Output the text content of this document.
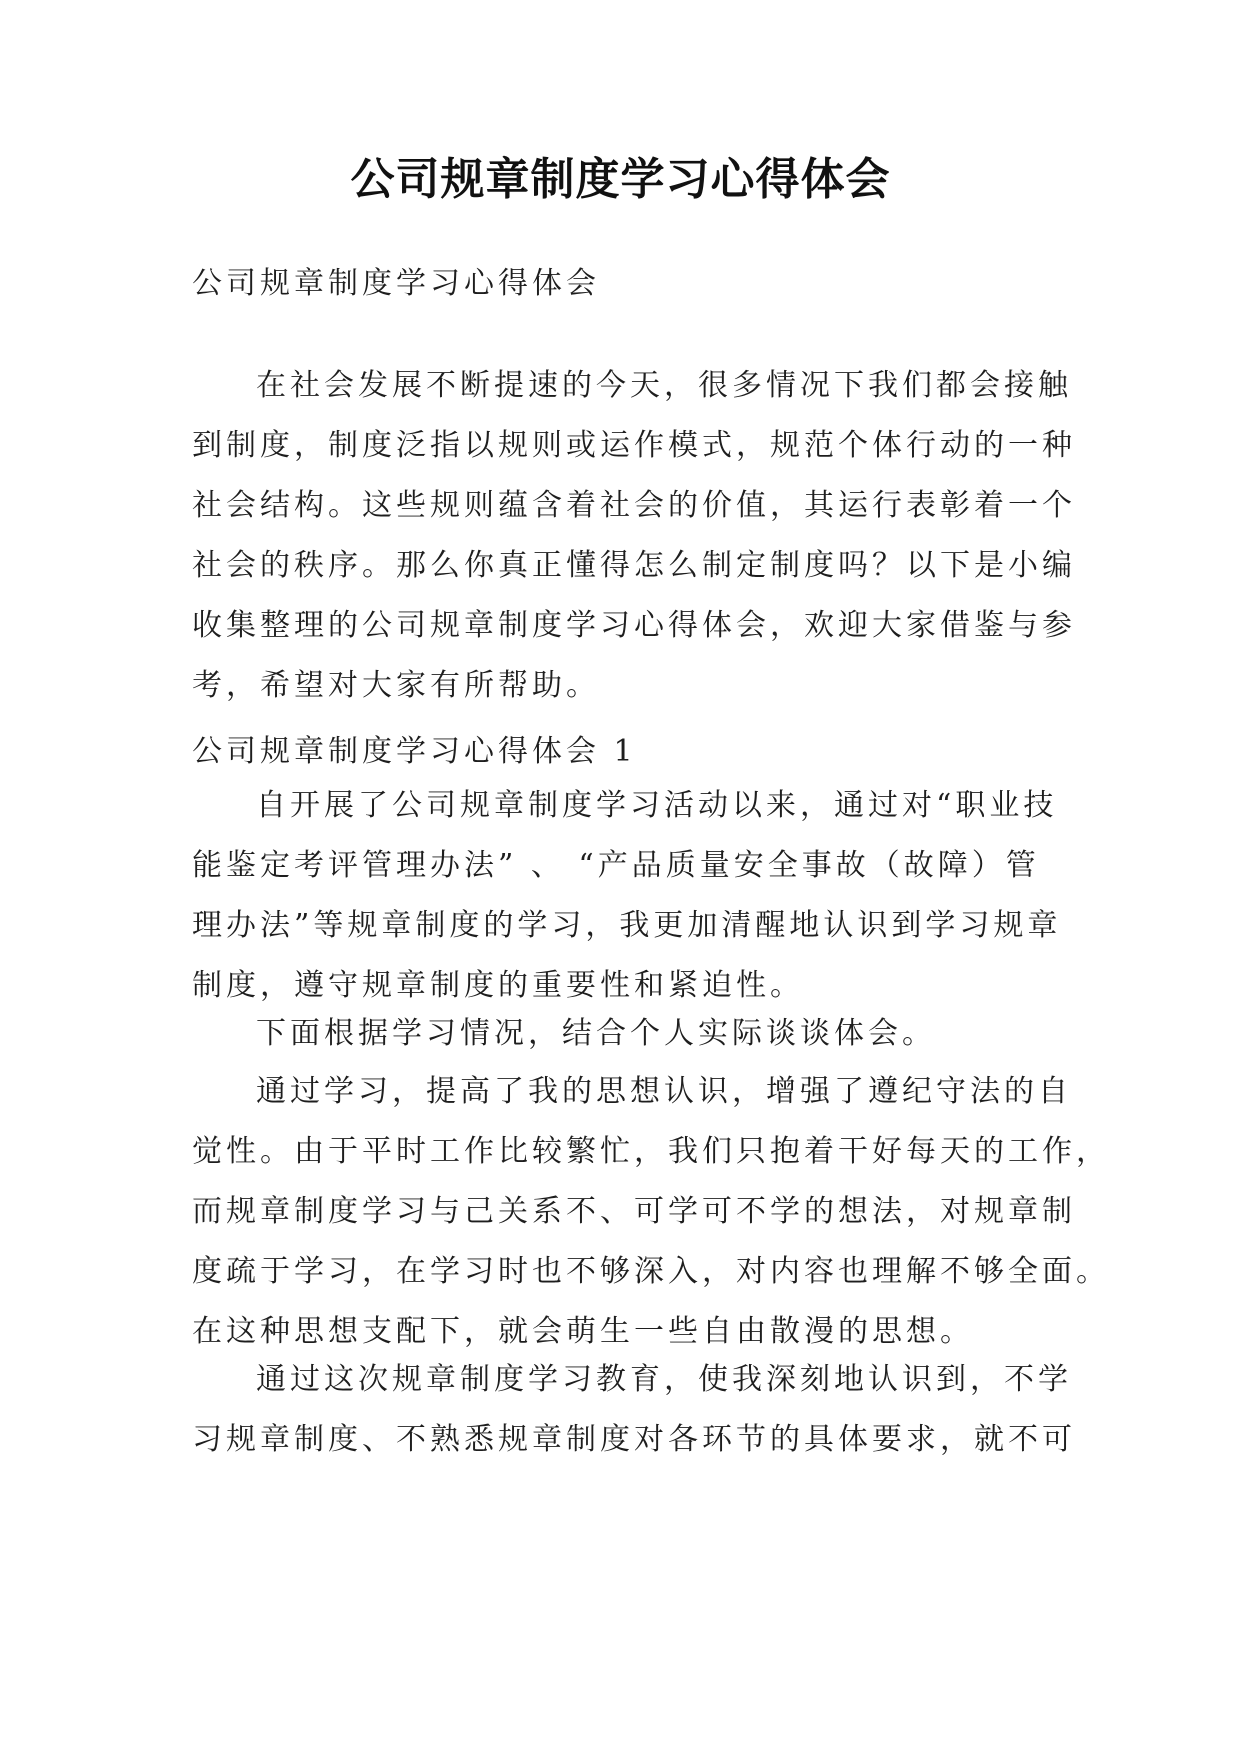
公司规章制度学习心得体会
公司规章制度学习心得体会
在社会发展不断提速的今天，很多情况下我们都会接触
到制度，制度泛指以规则或运作模式，规范个体行动的一种
社会结构。这些规则蕴含着社会的价值，其运行表彰着一个
社会的秩序。那么你真正懂得怎么制定制度吗？以下是小编
收集整理的公司规章制度学习心得体会，欢迎大家借鉴与参
考，希望对大家有所帮助。
公司规章制度学习心得体会 1
自开展了公司规章制度学习活动以来，通过对“职业技
能鉴定考评管理办法” 、 “产品质量安全事故（故障）管
理办法”等规章制度的学习，我更加清醒地认识到学习规章
制度，遵守规章制度的重要性和紧迫性。
下面根据学习情况，结合个人实际谈谈体会。
通过学习，提高了我的思想认识，增强了遵纪守法的自
觉性。由于平时工作比较繁忙，我们只抱着干好每天的工作，
而规章制度学习与己关系不、可学可不学的想法，对规章制
度疏于学习，在学习时也不够深入，对内容也理解不够全面。
在这种思想支配下，就会萌生一些自由散漫的思想。
通过这次规章制度学习教育，使我深刻地认识到，不学
习规章制度、不熟悉规章制度对各环节的具体要求，就不可
